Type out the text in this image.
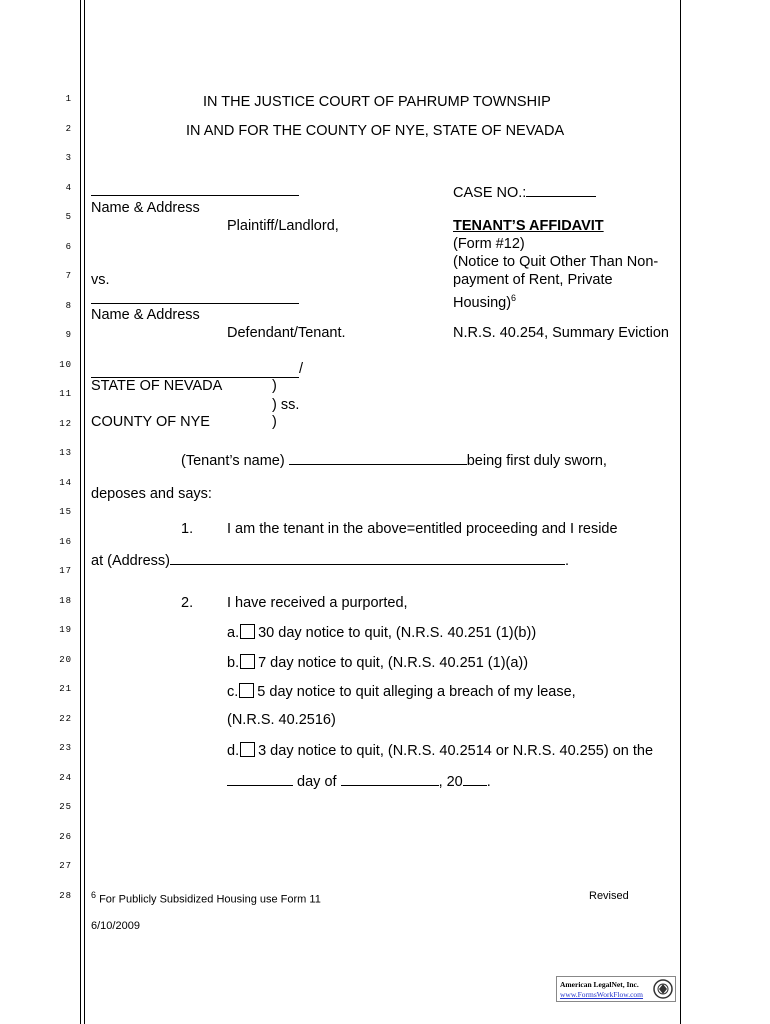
1
2
3
4
5
6
7
8
9
10
11
12
13
14
15
16
17
18
19
20
21
22
23
24
25
26
27
28
IN THE JUSTICE COURT OF PAHRUMP TOWNSHIP
IN AND FOR THE COUNTY OF NYE, STATE OF NEVADA
Name & Address
Plaintiff/Landlord,
vs.
Name & Address
Defendant/Tenant.
/
CASE NO.:
TENANT’S AFFIDAVIT
(Form #12)
(Notice to Quit Other Than Non-
payment of Rent, Private
Housing)$^6$
N.R.S. 40.254, Summary Eviction
STATE OF NEVADA	)
) ss.
COUNTY OF NYE	)
(Tenant’s name)	being first duly sworn,
deposes and says:
1. I am the tenant in the above=entitled proceeding and I reside
at (Address)	.
2. I have received a purported,
a. 30 day notice to quit, (N.R.S. 40.251 (1)(b))
b. 7 day notice to quit, (N.R.S. 40.251 (1)(a))
c. 5 day notice to quit alleging a breach of my lease,
(N.R.S. 40.2516)
d. 3 day notice to quit, (N.R.S. 40.2514 or N.R.S. 40.255) on the
day of	, 20 .
$^6$ For Publicly Subsidized Housing use Form 11	Revised
6/10/2009
American LegalNet, Inc.
www.FormsWorkFlow.com
